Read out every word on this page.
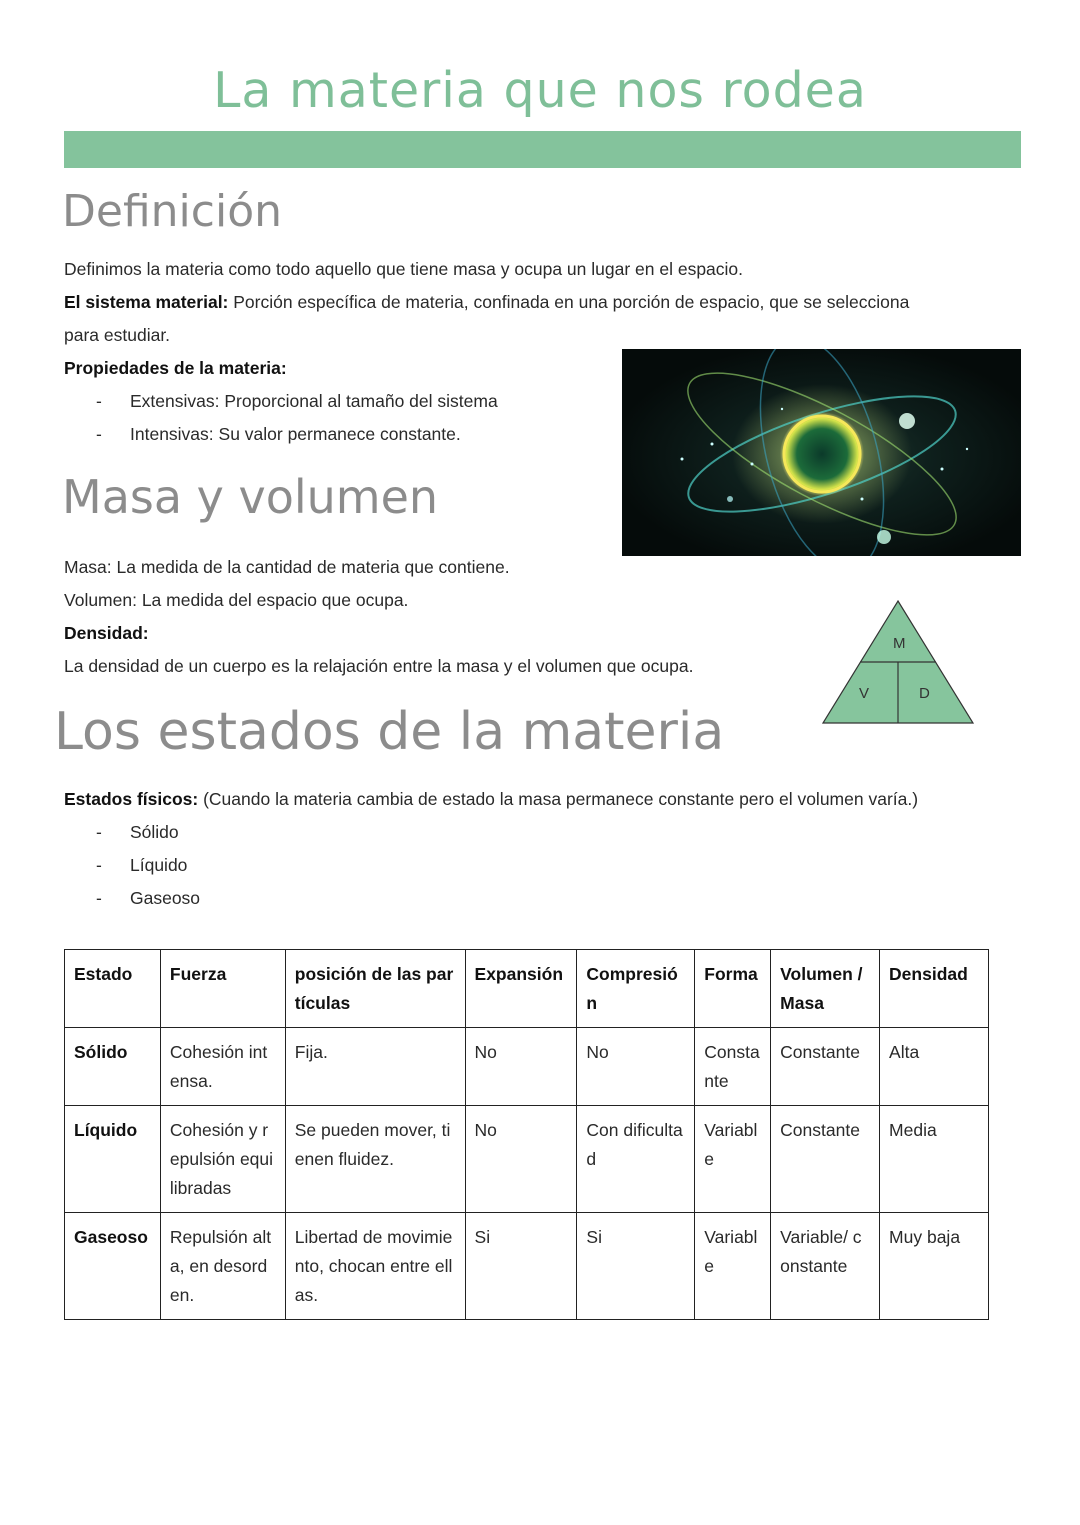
La materia que nos rodea
Definición
Definimos la materia como todo aquello que tiene masa y ocupa un lugar en el espacio.
El sistema material: Porción específica de materia, confinada en una porción de espacio, que se selecciona
para estudiar.
Propiedades de la materia:
- Extensivas: Proporcional al tamaño del sistema
- Intensivas: Su valor permanece constante.
Masa y volumen
Masa: La medida de la cantidad de materia que contiene.
Volumen: La medida del espacio que ocupa.
Densidad:
La densidad de un cuerpo es la relajación entre la masa y el volumen que ocupa.
M
V	D
Los estados de la materia
Estados físicos: (Cuando la materia cambia de estado la masa permanece constante pero el volumen varía.)
- Sólido
- Líquido
- Gaseoso
Estado	Fuerza	posición de las partículas	Expansión	Compresión	Forma	Volumen / Masa	Densidad
Sólido	Cohesión intensa.	Fija.	No	No	Constante	Constante	Alta
Líquido	Cohesión y repulsión equilibradas	Se pueden mover, tienen fluidez.	No	Con dificultad	Variable	Constante	Media
Gaseoso	Repulsión alta, en desorden.	Libertad de movimiento, chocan entre ellas.	Si	Si	Variable	Variable/ constante	Muy baja
